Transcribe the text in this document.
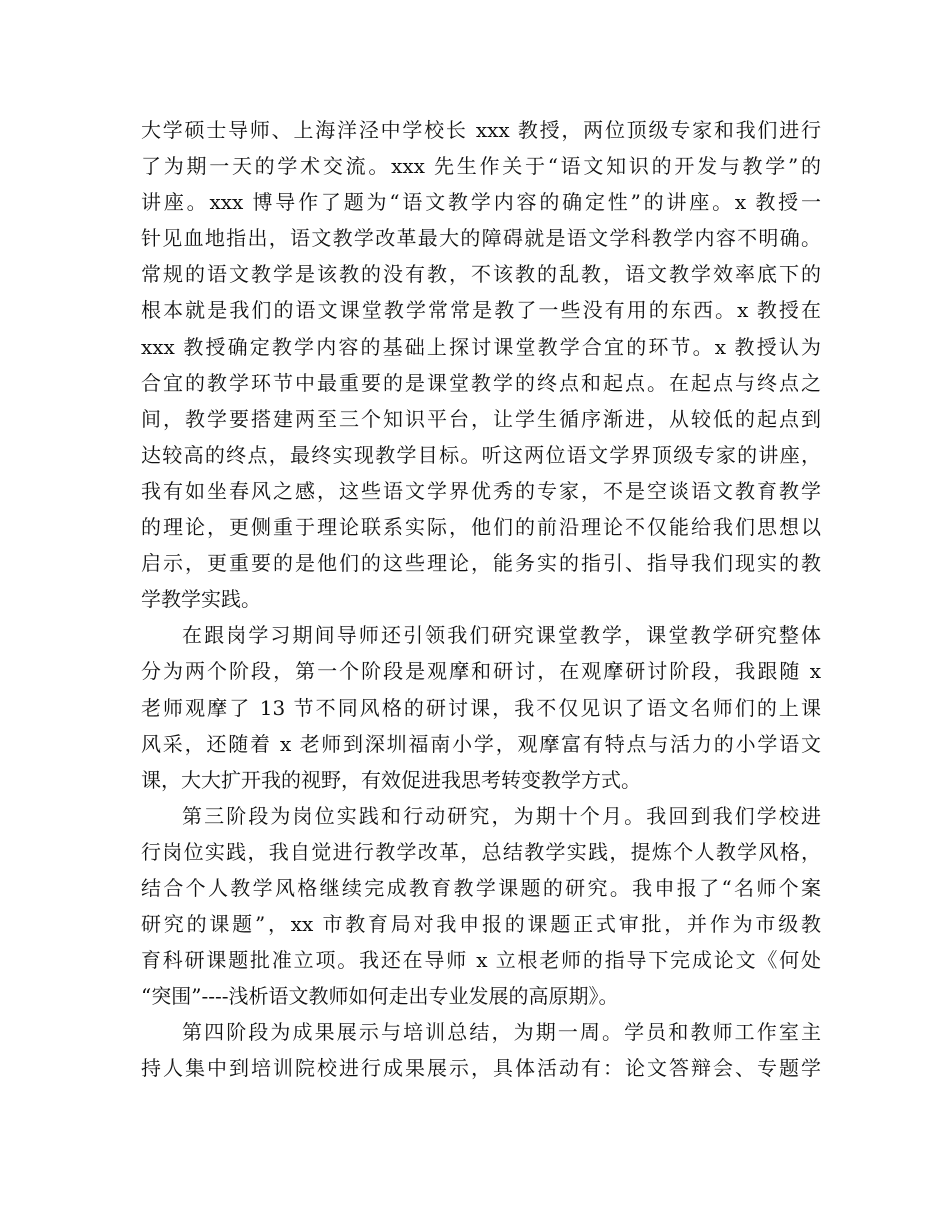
大学硕士导师、上海洋泾中学校长 xxx 教授，两位顶级专家和我们进行
了为期一天的学术交流。xxx 先生作关于“语文知识的开发与教学”的
讲座。xxx 博导作了题为“语文教学内容的确定性”的讲座。x 教授一
针见血地指出，语文教学改革最大的障碍就是语文学科教学内容不明确。
常规的语文教学是该教的没有教，不该教的乱教，语文教学效率底下的
根本就是我们的语文课堂教学常常是教了一些没有用的东西。x 教授在
xxx 教授确定教学内容的基础上探讨课堂教学合宜的环节。x 教授认为
合宜的教学环节中最重要的是课堂教学的终点和起点。在起点与终点之
间，教学要搭建两至三个知识平台，让学生循序渐进，从较低的起点到
达较高的终点，最终实现教学目标。听这两位语文学界顶级专家的讲座，
我有如坐春风之感，这些语文学界优秀的专家，不是空谈语文教育教学
的理论，更侧重于理论联系实际，他们的前沿理论不仅能给我们思想以
启示，更重要的是他们的这些理论，能务实的指引、指导我们现实的教
学教学实践。
在跟岗学习期间导师还引领我们研究课堂教学，课堂教学研究整体
分为两个阶段，第一个阶段是观摩和研讨，在观摩研讨阶段，我跟随 x
老师观摩了 13 节不同风格的研讨课，我不仅见识了语文名师们的上课
风采，还随着 x 老师到深圳福南小学，观摩富有特点与活力的小学语文
课，大大扩开我的视野，有效促进我思考转变教学方式。
第三阶段为岗位实践和行动研究，为期十个月。我回到我们学校进
行岗位实践，我自觉进行教学改革，总结教学实践，提炼个人教学风格，
结合个人教学风格继续完成教育教学课题的研究。我申报了“名师个案
研究的课题”，xx 市教育局对我申报的课题正式审批，并作为市级教
育科研课题批准立项。我还在导师 x 立根老师的指导下完成论文《何处
“突围”----浅析语文教师如何走出专业发展的高原期》。
第四阶段为成果展示与培训总结，为期一周。学员和教师工作室主
持人集中到培训院校进行成果展示，具体活动有：论文答辩会、专题学
